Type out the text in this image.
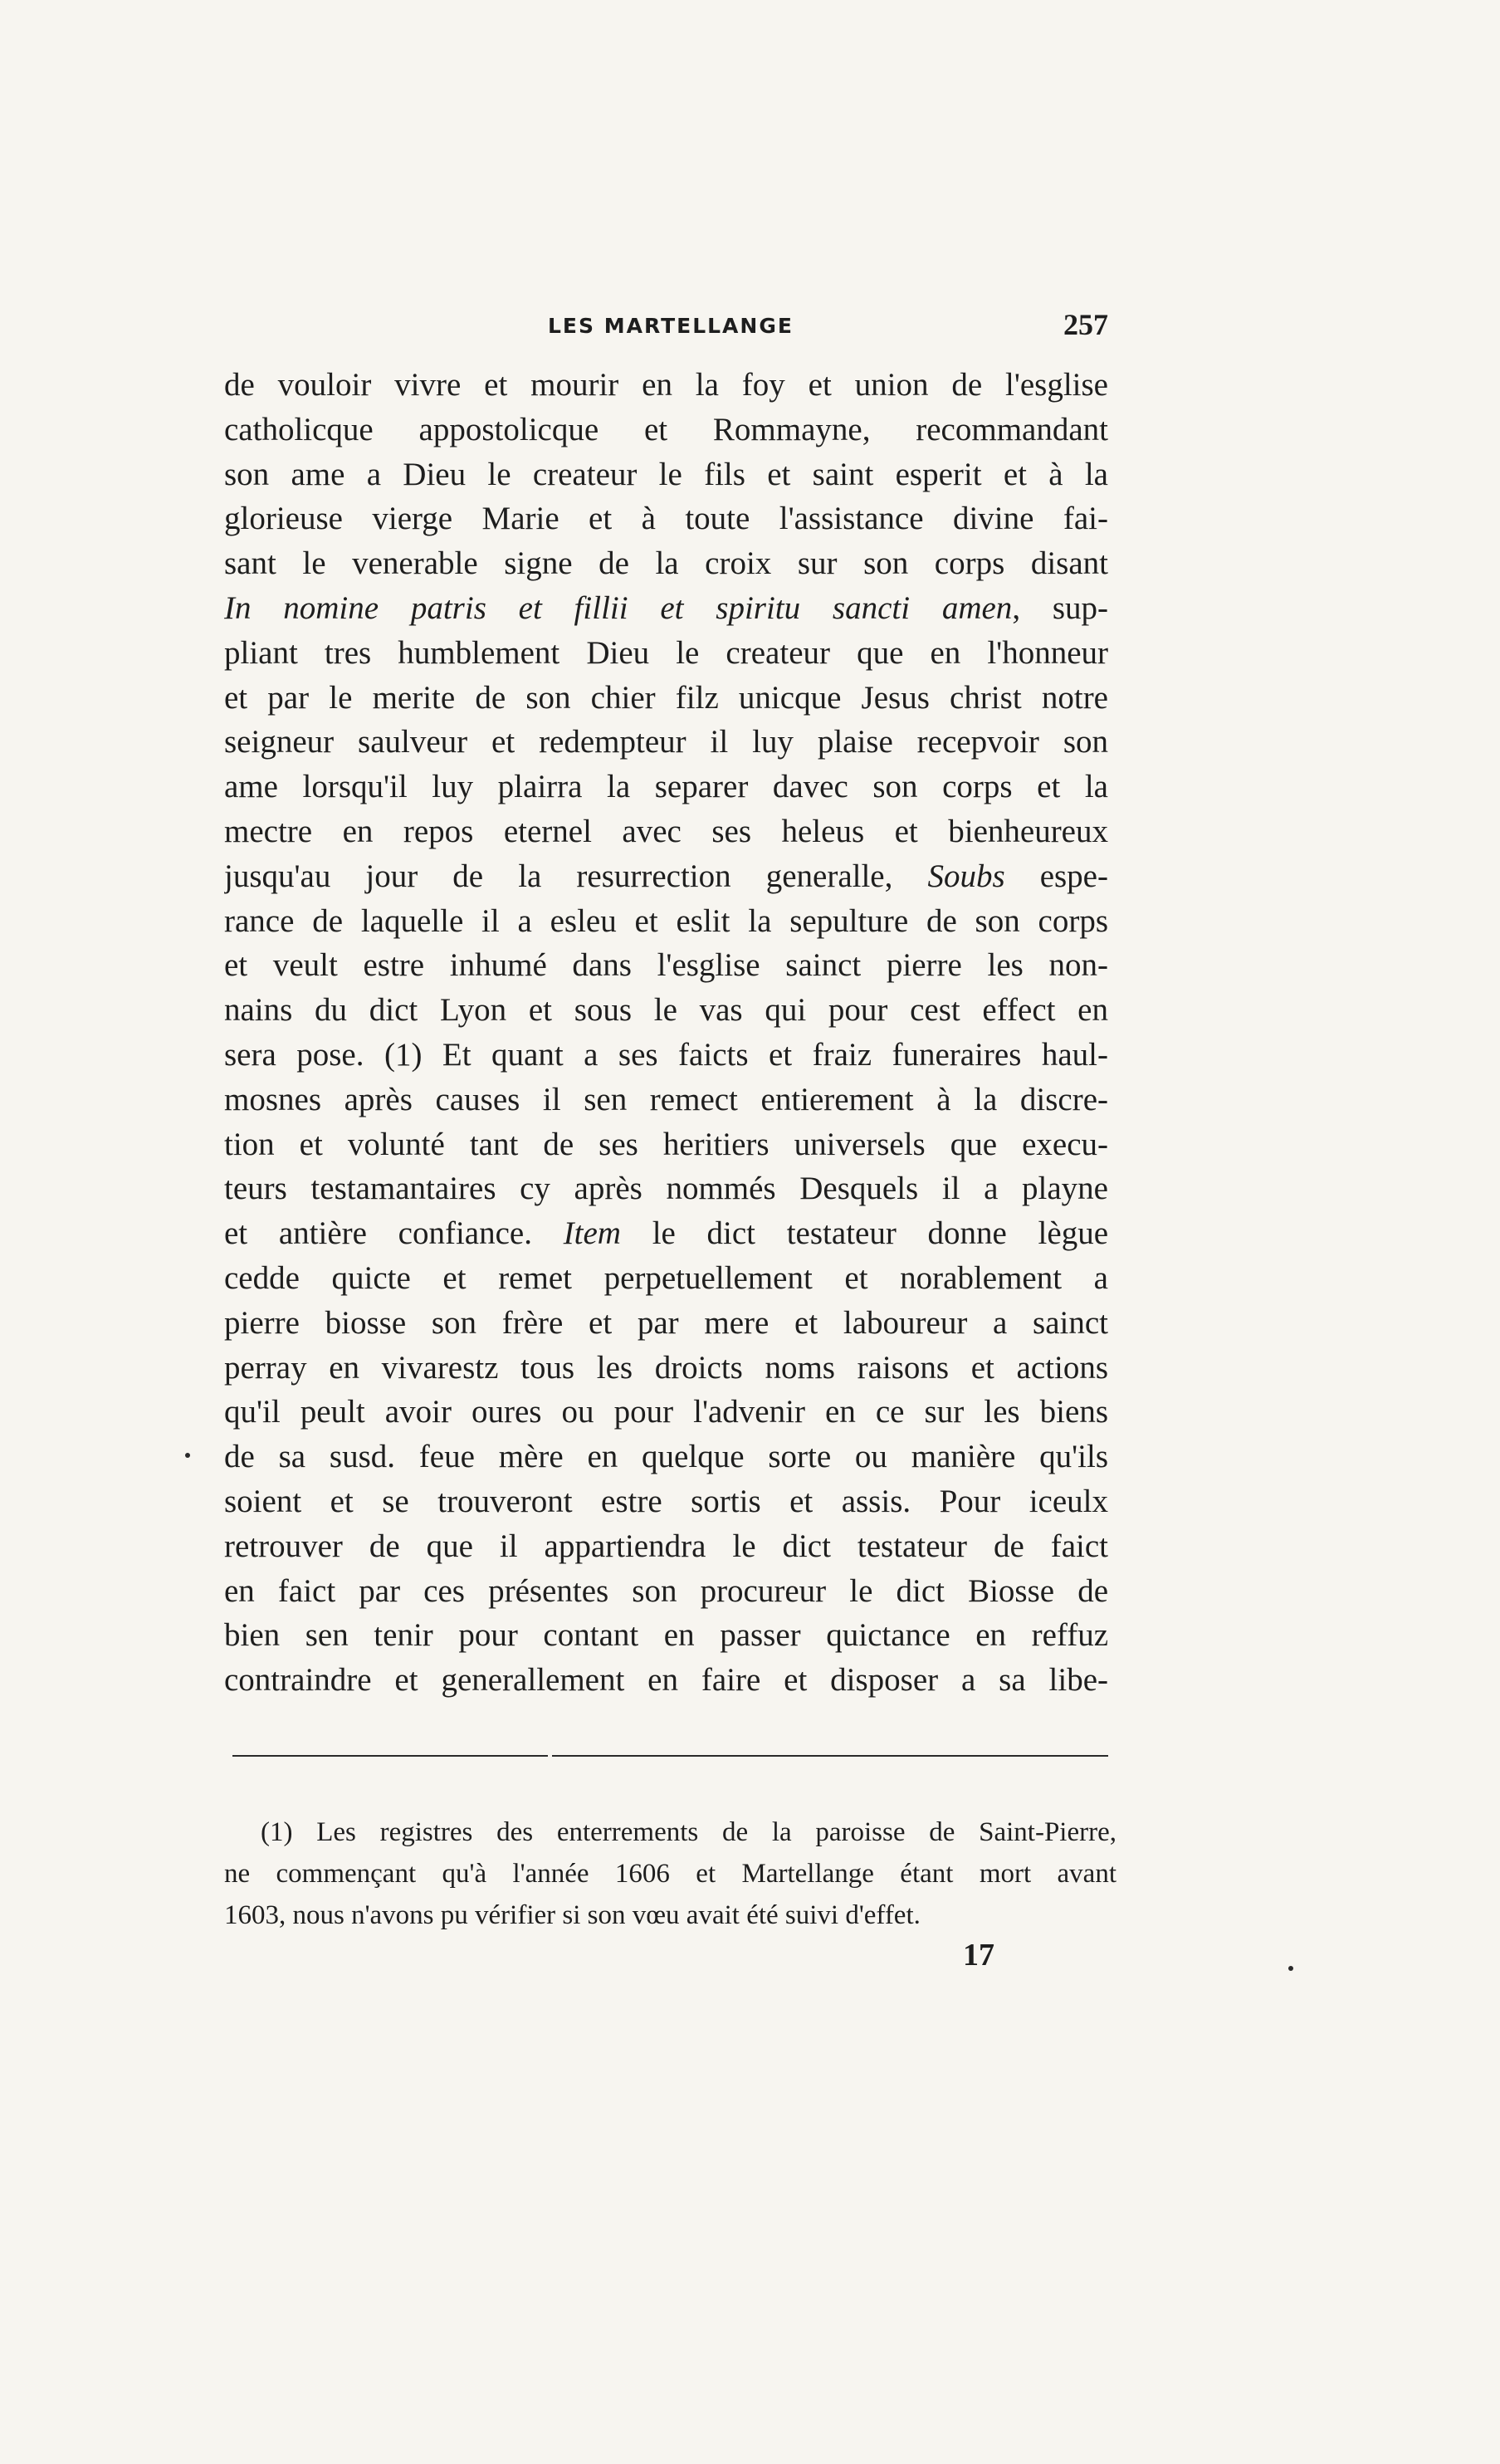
LES MARTELLANGE	257
de vouloir vivre et mourir en la foy et union de l'esglise
catholicque appostolicque et Rommayne, recommandant
son ame a Dieu le createur le fils et saint esperit et à la
glorieuse vierge Marie et à toute l'assistance divine fai-
sant le venerable signe de la croix sur son corps disant
In nomine patris et fillii et spiritu sancti amen, sup-
pliant tres humblement Dieu le createur que en l'honneur
et par le merite de son chier filz unicque Jesus christ notre
seigneur saulveur et redempteur il luy plaise recepvoir son
ame lorsqu'il luy plairra la separer davec son corps et la
mectre en repos eternel avec ses heleus et bienheureux
jusqu'au jour de la resurrection generalle, Soubs espe-
rance de laquelle il a esleu et eslit la sepulture de son corps
et veult estre inhumé dans l'esglise sainct pierre les non-
nains du dict Lyon et sous le vas qui pour cest effect en
sera pose. (1) Et quant a ses faicts et fraiz funeraires haul-
mosnes après causes il sen remect entierement à la discre-
tion et volunté tant de ses heritiers universels que execu-
teurs testamantaires cy après nommés Desquels il a playne
et antière confiance. Item le dict testateur donne lègue
cedde quicte et remet perpetuellement et norablement a
pierre biosse son frère et par mere et laboureur a sainct
perray en vivarestz tous les droicts noms raisons et actions
qu'il peult avoir oures ou pour l'advenir en ce sur les biens
de sa susd. feue mère en quelque sorte ou manière qu'ils
soient et se trouveront estre sortis et assis. Pour iceulx
retrouver de que il appartiendra le dict testateur de faict
en faict par ces présentes son procureur le dict Biosse de
bien sen tenir pour contant en passer quictance en reffuz
contraindre et generallement en faire et disposer a sa libe-
(1) Les registres des enterrements de la paroisse de Saint-Pierre,
ne commençant qu'à l'année 1606 et Martellange étant mort avant
1603, nous n'avons pu vérifier si son vœu avait été suivi d'effet.
17
